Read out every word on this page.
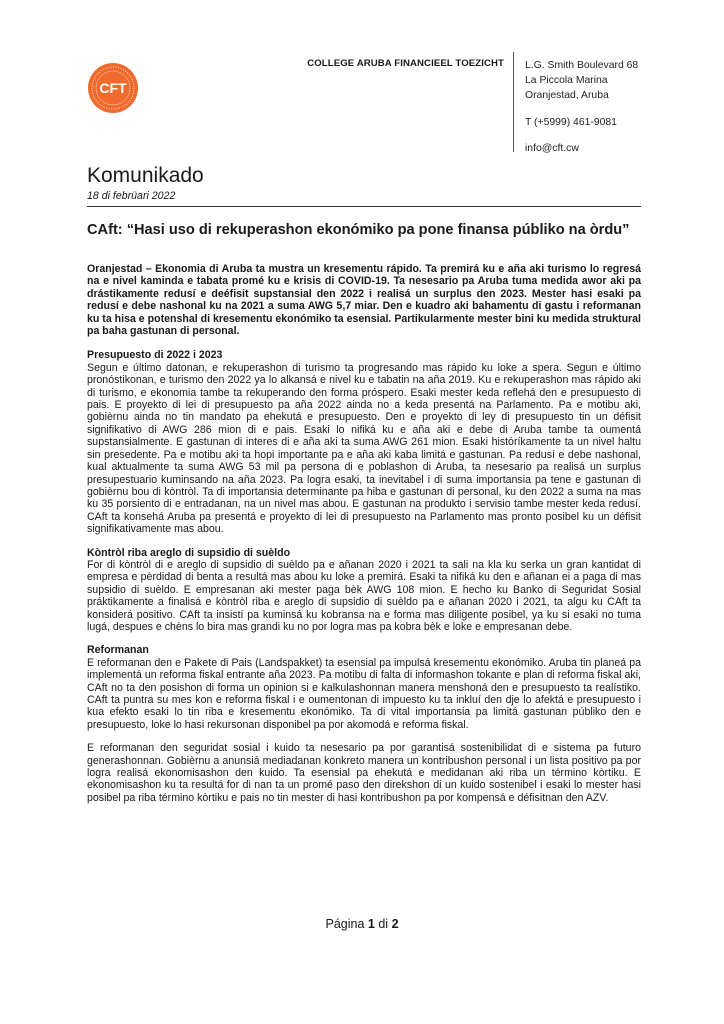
CFT
COLLEGE ARUBA FINANCIEEL TOEZICHT L.G. Smith Boulevard 68
La Piccola Marina
Oranjestad, Aruba
T (+5999) 461-9081
info@cft.cw
Komunikado
18 di febrüari 2022
CAft: “Hasi uso di rekuperashon ekonómiko pa pone finansa públiko na òrdu”

Oranjestad – Ekonomia di Aruba ta mustra un kresementu rápido. Ta premirá ku e aña aki turismo lo regresá na e nivel kaminda e tabata promé ku e krisis di COVID-19. Ta nesesario pa Aruba tuma medida awor aki pa drástikamente redusí e deéfisit supstansial den 2022 i realisá un surplus den 2023. Mester hasi esaki pa redusí e debe nashonal ku na 2021 a suma AWG 5,7 miar. Den e kuadro aki bahamentu di gastu i reformanan ku ta hisa e potenshal di kresementu ekonómiko ta esensial. Partikularmente mester bini ku medida struktural pa baha gastunan di personal.

Presupuesto di 2022 i 2023

Segun e último datonan, e rekuperashon di turismo ta progresando mas rápido ku loke a spera. Segun e último pronóstikonan, e turismo den 2022 ya lo alkansá e nivel ku e tabatin na aña 2019. Ku e rekuperashon mas rápido aki di turismo, e ekonomia tambe ta rekuperando den forma próspero. Esaki mester keda reflehá den e presupuesto di pais. E proyekto di lei di presupuesto pa aña 2022 ainda no a keda presentá na Parlamento. Pa e motibu aki, gobièrnu ainda no tin mandato pa ehekutá e presupuesto. Den e proyekto di ley di presupuesto tin un défisit signifikativo di AWG 286 mion di e pais. Esaki lo nifiká ku e aña aki e debe di Aruba tambe ta oumentá supstansialmente. E gastunan di interes di e aña aki ta suma AWG 261 mion. Esaki históríkamente ta un nivel haltu sin presedente. Pa e motibu aki ta hopi importante pa e aña aki kaba limitá e gastunan. Pa redusí e debe nashonal, kual aktualmente ta suma AWG 53 mil pa persona di e poblashon di Aruba, ta nesesario pa realisá un surplus presupestuario kuminsando na aña 2023. Pa logra esaki, ta inevitabel i di suma importansia pa tene e gastunan di gobièrnu bou di kòntròl. Ta di importansia determinante pa hiba e gastunan di personal, ku den 2022 a suma na mas ku 35 porsiento di e entradanan, na un nivel mas abou. E gastunan na produkto i servisio tambe mester keda redusí. CAft ta konsehá Aruba pa presentá e proyekto di lei di presupuesto na Parlamento mas pronto posibel ku un défisit signifikativamente mas abou.

Kòntròl riba areglo di supsidio di suèldo

For di kòntròl di e areglo di supsidio di suèldo pa e añanan 2020 i 2021 ta sali na kla ku serka un gran kantidat di empresa e pèrdidad di benta a resultá mas abou ku loke a premirá. Esaki ta nifiká ku den e añanan ei a paga di mas supsidio di suèldo. E empresanan aki mester paga bèk AWG 108 mion. E hecho ku Banko di Seguridat Sosial práktikamente a finalisá e kòntròl riba e areglo di supsidio di suèldo pa e añanan 2020 i 2021, ta algu ku CAft ta konsiderá positivo. CAft ta insistí pa kuminsá ku kobransa na e forma mas diligente posibel, ya ku si esaki no tuma lugá, despues e chèns lo bira mas grandi ku no por logra mas pa kobra bèk e loke e empresanan debe.

Reformanan

E reformanan den e Pakete di Pais (Landspakket) ta esensial pa impulsá kresementu ekonómiko. Aruba tin planeá pa implementá un reforma fiskal entrante aña 2023. Pa motibu di falta di informashon tokante e plan di reforma fiskal aki, CAft no ta den posishon di forma un opinion si e kalkulashonnan manera menshoná den e presupuesto ta realístiko. CAft ta puntra su mes kon e reforma fiskal i e oumentonan di impuesto ku ta inkluí den dje lo afektá e presupuesto i kua efekto esaki lo tin riba e kresementu ekonómiko. Ta di vital importansia pa limitá gastunan públiko den e presupuesto, loke lo hasi rekursonan disponibel pa por akomodá e reforma fiskal.

E reformanan den seguridat sosial i kuido ta nesesario pa por garantisá sostenibilidat di e sistema pa futuro generashonnan. Gobièrnu a anunsiá mediadanan konkreto manera un kontribushon personal i un lista positivo pa por logra realisá ekonomisashon den kuido. Ta esensial pa ehekutá e medidanan aki riba un término kòrtiku. E ekonomisashon ku ta resultá for di nan ta un promé paso den direkshon di un kuido sostenibel i esaki lo mester hasi posibel pa riba término kòrtiku e pais no tin mester di hasi kontribushon pa por kompensá e défisitnan den AZV.

Página 1 di 2
